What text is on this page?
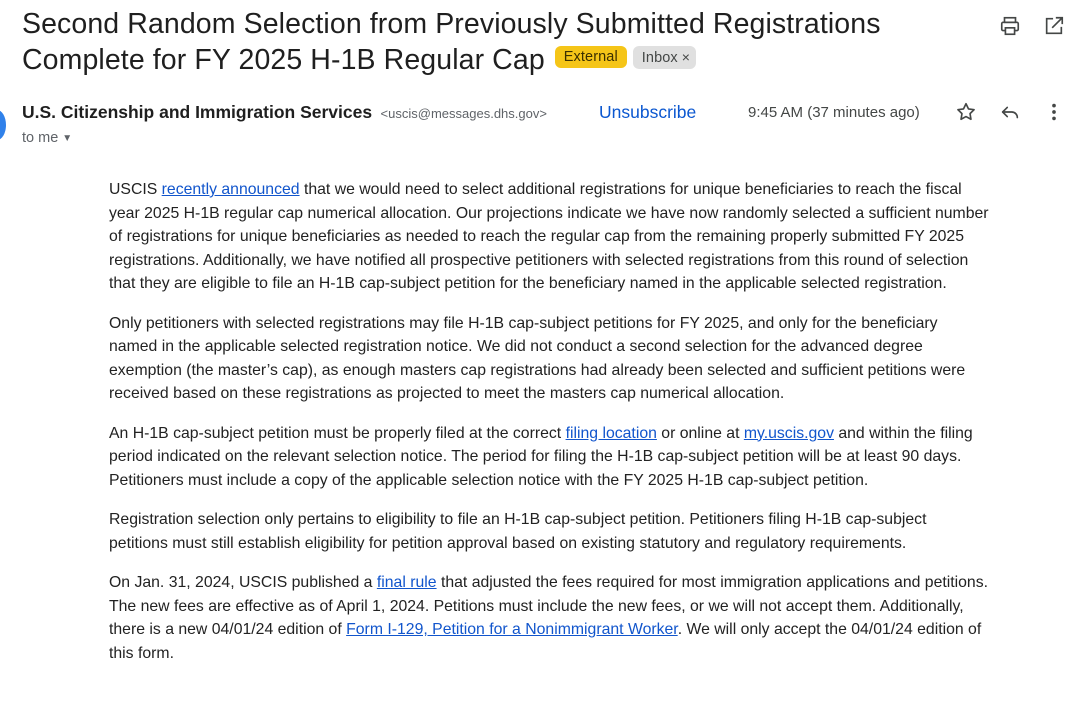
Second Random Selection from Previously Submitted Registrations Complete for FY 2025 H-1B Regular Cap External Inbox ×
U.S. Citizenship and Immigration Services <uscis@messages.dhs.gov>	Unsubscribe	9:45 AM (37 minutes ago)
to me ▼

USCIS recently announced that we would need to select additional registrations for unique beneficiaries to reach the fiscal year 2025 H-1B regular cap numerical allocation. Our projections indicate we have now randomly selected a sufficient number of registrations for unique beneficiaries as needed to reach the regular cap from the remaining properly submitted FY 2025 registrations. Additionally, we have notified all prospective petitioners with selected registrations from this round of selection that they are eligible to file an H-1B cap-subject petition for the beneficiary named in the applicable selected registration.

Only petitioners with selected registrations may file H-1B cap-subject petitions for FY 2025, and only for the beneficiary named in the applicable selected registration notice. We did not conduct a second selection for the advanced degree exemption (the master’s cap), as enough masters cap registrations had already been selected and sufficient petitions were received based on these registrations as projected to meet the masters cap numerical allocation.

An H-1B cap-subject petition must be properly filed at the correct filing location or online at my.uscis.gov and within the filing period indicated on the relevant selection notice. The period for filing the H-1B cap-subject petition will be at least 90 days. Petitioners must include a copy of the applicable selection notice with the FY 2025 H-1B cap-subject petition.

Registration selection only pertains to eligibility to file an H-1B cap-subject petition. Petitioners filing H-1B cap-subject petitions must still establish eligibility for petition approval based on existing statutory and regulatory requirements.

On Jan. 31, 2024, USCIS published a final rule that adjusted the fees required for most immigration applications and petitions. The new fees are effective as of April 1, 2024. Petitions must include the new fees, or we will not accept them. Additionally, there is a new 04/01/24 edition of Form I-129, Petition for a Nonimmigrant Worker. We will only accept the 04/01/24 edition of this form.
